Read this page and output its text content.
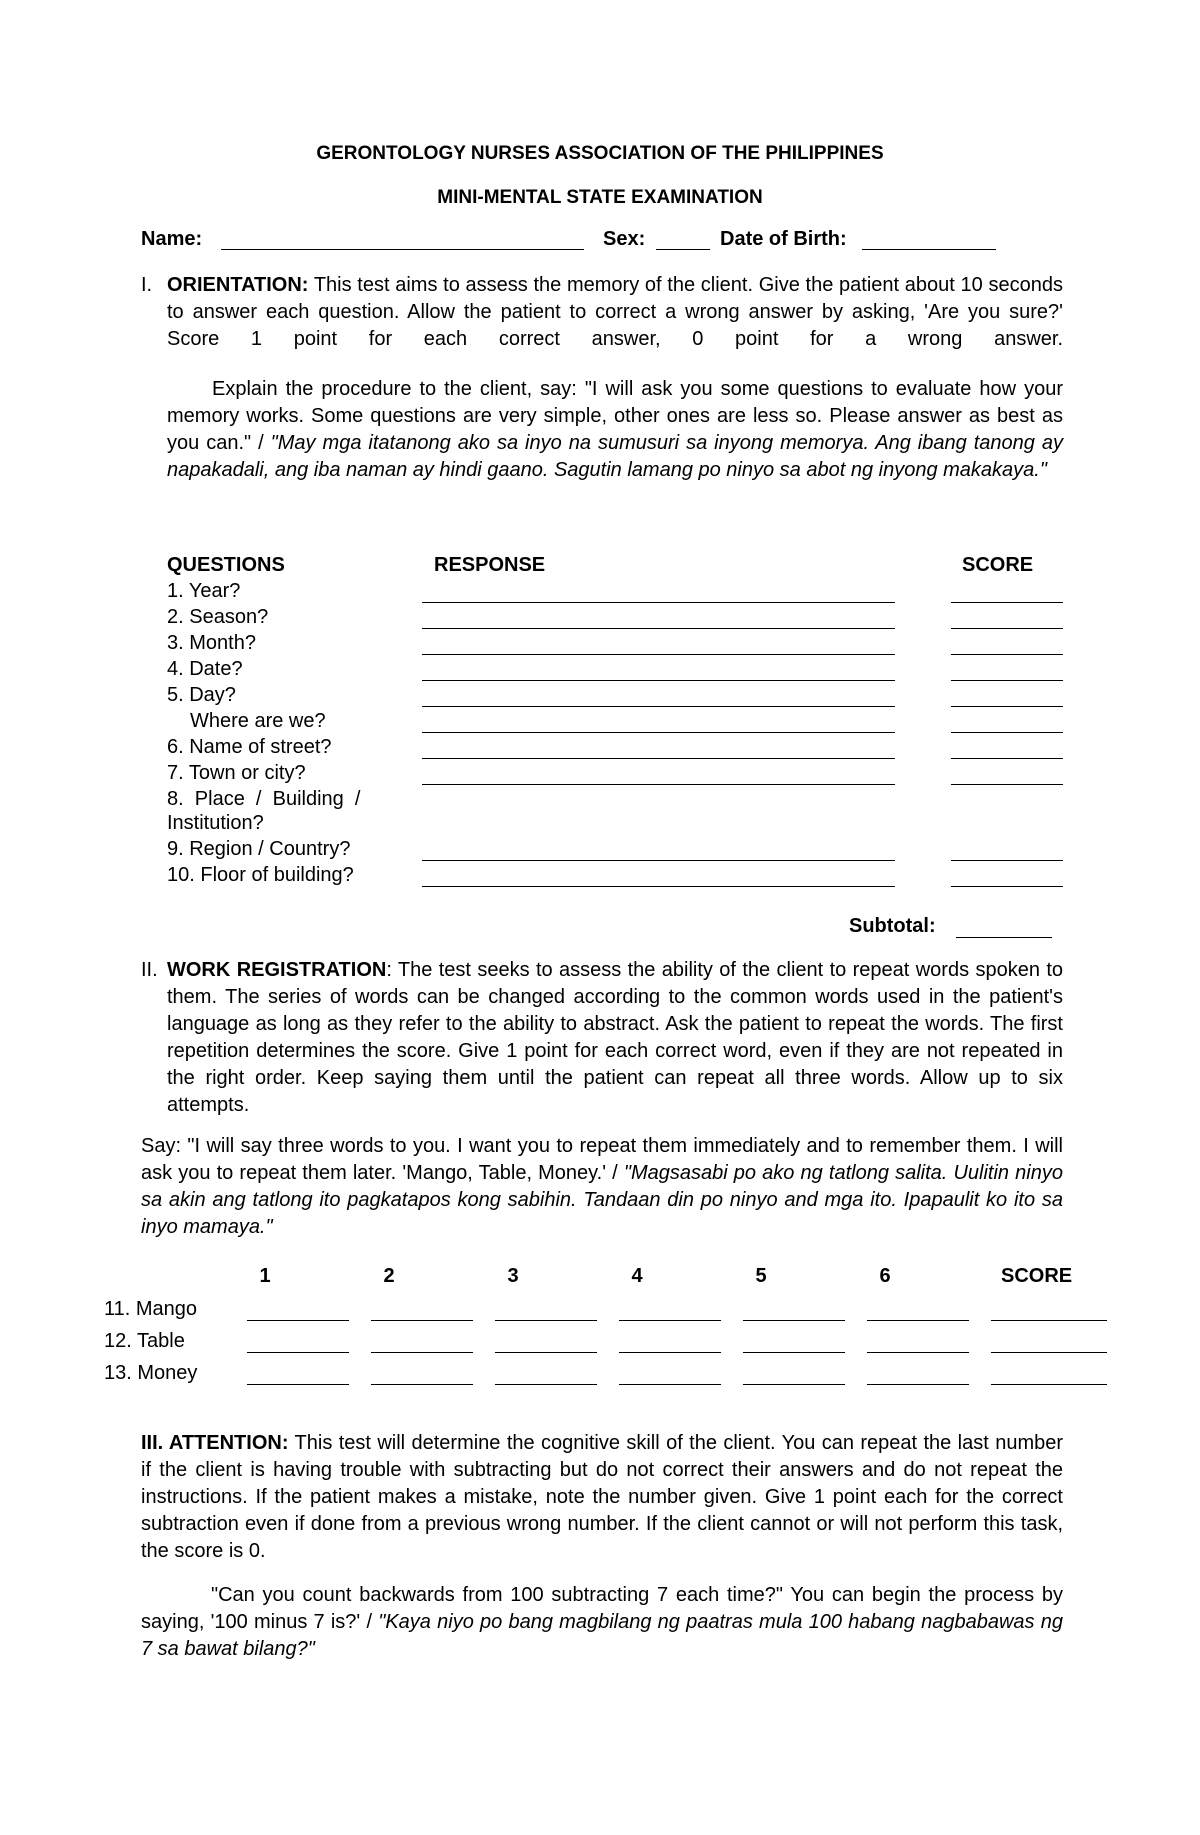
GERONTOLOGY NURSES ASSOCIATION OF THE PHILIPPINES
MINI-MENTAL STATE EXAMINATION
Name:	Sex:	Date of Birth:
I. ORIENTATION: This test aims to assess the memory of the client. Give the patient about 10 seconds to answer each question. Allow the patient to correct a wrong answer by asking, 'Are you sure?' Score 1 point for each correct answer, 0 point for a wrong answer.
Explain the procedure to the client, say: "I will ask you some questions to evaluate how your memory works. Some questions are very simple, other ones are less so. Please answer as best as you can." / "May mga itatanong ako sa inyo na sumusuri sa inyong memorya. Ang ibang tanong ay napakadali, ang iba naman ay hindi gaano. Sagutin lamang po ninyo sa abot ng inyong makakaya."
QUESTIONS	RESPONSE	SCORE
1. Year?
2. Season?
3. Month?
4. Date?
5. Day?
Where are we?
6. Name of street?
7. Town or city?
8.  Place  /  Building  /
Institution?
9. Region / Country?
10. Floor of building?
Subtotal:
II. WORK REGISTRATION: The test seeks to assess the ability of the client to repeat words spoken to them. The series of words can be changed according to the common words used in the patient's language as long as they refer to the ability to abstract. Ask the patient to repeat the words. The first repetition determines the score. Give 1 point for each correct word, even if they are not repeated in the right order. Keep saying them until the patient can repeat all three words. Allow up to six attempts.
Say: "I will say three words to you. I want you to repeat them immediately and to remember them. I will ask you to repeat them later. 'Mango, Table, Money.' / "Magsasabi po ako ng tatlong salita. Uulitin ninyo sa akin ang tatlong ito pagkatapos kong sabihin. Tandaan din po ninyo and mga ito. Ipapaulit ko ito sa inyo mamaya."
1	2	3	4	5	6	SCORE
11. Mango
12. Table
13. Money
III. ATTENTION: This test will determine the cognitive skill of the client. You can repeat the last number if the client is having trouble with subtracting but do not correct their answers and do not repeat the instructions. If the patient makes a mistake, note the number given. Give 1 point each for the correct subtraction even if done from a previous wrong number. If the client cannot or will not perform this task, the score is 0.
"Can you count backwards from 100 subtracting 7 each time?" You can begin the process by saying, '100 minus 7 is?' / "Kaya niyo po bang magbilang ng paatras mula 100 habang nagbabawas ng 7 sa bawat bilang?"
